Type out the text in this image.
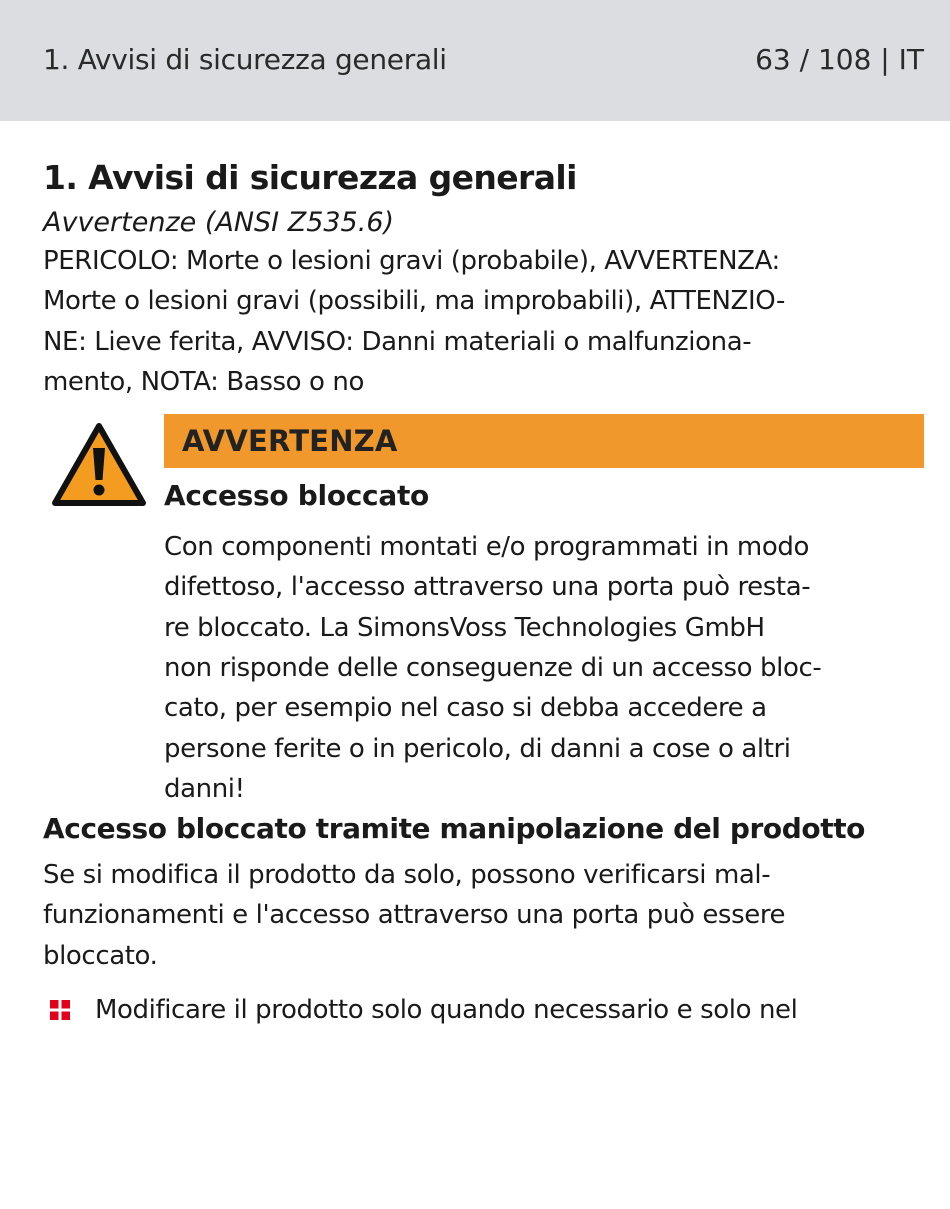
1. Avvisi di sicurezza generali	63 / 108 | IT
1. Avvisi di sicurezza generali
Avvertenze (ANSI Z535.6)
PERICOLO: Morte o lesioni gravi (probabile), AVVERTENZA:
Morte o lesioni gravi (possibili, ma improbabili), ATTENZIO-
NE: Lieve ferita, AVVISO: Danni materiali o malfunziona-
mento, NOTA: Basso o no
AVVERTENZA
Accesso bloccato
Con componenti montati e/o programmati in modo
difettoso, l'accesso attraverso una porta può resta-
re bloccato. La SimonsVoss Technologies GmbH
non risponde delle conseguenze di un accesso bloc-
cato, per esempio nel caso si debba accedere a
persone ferite o in pericolo, di danni a cose o altri
danni!
Accesso bloccato tramite manipolazione del prodotto
Se si modifica il prodotto da solo, possono verificarsi mal-
funzionamenti e l'accesso attraverso una porta può essere
bloccato.
Modificare il prodotto solo quando necessario e solo nel
